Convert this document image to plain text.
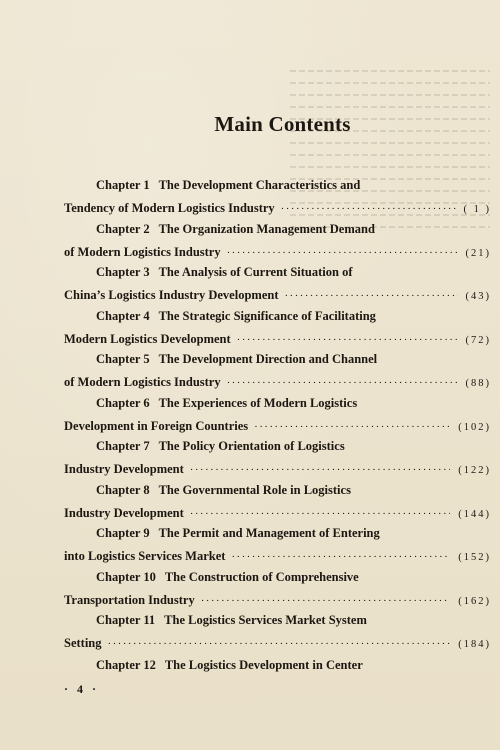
Main Contents
Chapter 1 The Development Characteristics and
Tendency of Modern Logistics Industry ·····	( 1 )
Chapter 2 The Organization Management Demand
of Modern Logistics Industry ·····	(21)
Chapter 3 The Analysis of Current Situation of
China’s Logistics Industry Development ·····	(43)
Chapter 4 The Strategic Significance of Facilitating
Modern Logistics Development ·····	(72)
Chapter 5 The Development Direction and Channel
of Modern Logistics Industry ·····	(88)
Chapter 6 The Experiences of Modern Logistics
Development in Foreign Countries ·····	(102)
Chapter 7 The Policy Orientation of Logistics
Industry Development ·····	(122)
Chapter 8 The Governmental Role in Logistics
Industry Development ·····	(144)
Chapter 9 The Permit and Management of Entering
into Logistics Services Market ·····	(152)
Chapter 10 The Construction of Comprehensive
Transportation Industry ·····	(162)
Chapter 11 The Logistics Services Market System
Setting ·····	(184)
Chapter 12 The Logistics Development in Center
· 4 ·
